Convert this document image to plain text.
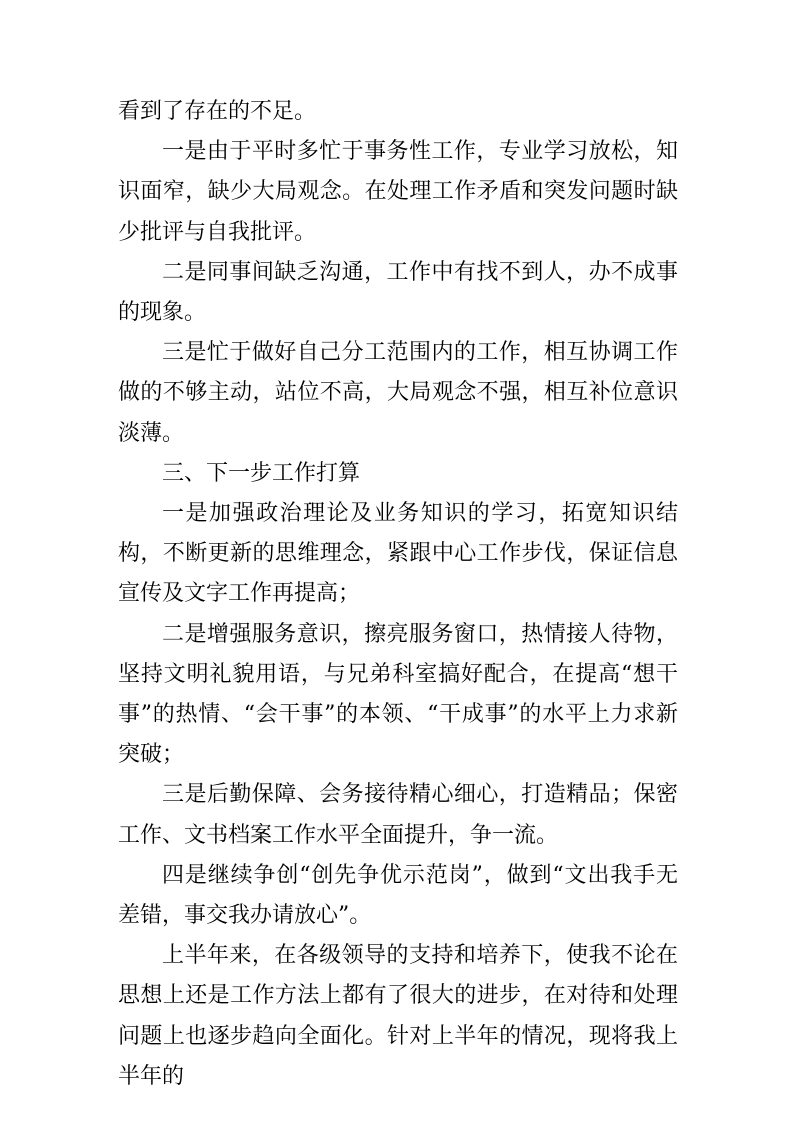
看到了存在的不足。

一是由于平时多忙于事务性工作，专业学习放松，知识面窄，缺少大局观念。在处理工作矛盾和突发问题时缺少批评与自我批评。

二是同事间缺乏沟通，工作中有找不到人，办不成事的现象。

三是忙于做好自己分工范围内的工作，相互协调工作做的不够主动，站位不高，大局观念不强，相互补位意识淡薄。

三、下一步工作打算

一是加强政治理论及业务知识的学习，拓宽知识结构，不断更新的思维理念，紧跟中心工作步伐，保证信息宣传及文字工作再提高；

二是增强服务意识，擦亮服务窗口，热情接人待物，坚持文明礼貌用语，与兄弟科室搞好配合，在提高“想干事”的热情、“会干事”的本领、“干成事”的水平上力求新突破；

三是后勤保障、会务接待精心细心，打造精品；保密工作、文书档案工作水平全面提升，争一流。

四是继续争创“创先争优示范岗”，做到“文出我手无差错，事交我办请放心”。

上半年来，在各级领导的支持和培养下，使我不论在思想上还是工作方法上都有了很大的进步，在对待和处理问题上也逐步趋向全面化。针对上半年的情况，现将我上半年的
